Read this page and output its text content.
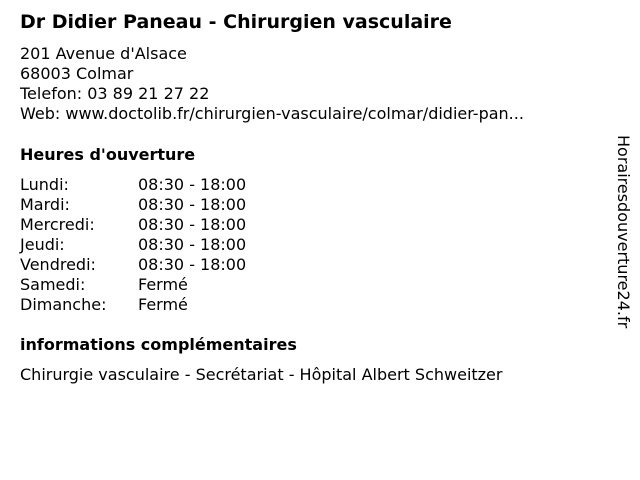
Dr Didier Paneau - Chirurgien vasculaire
201 Avenue d'Alsace
68003 Colmar
Telefon: 03 89 21 27 22
Web: www.doctolib.fr/chirurgien-vasculaire/colmar/didier-pan...
Heures d'ouverture
Lundi:	08:30 - 18:00
Mardi:	08:30 - 18:00
Mercredi:	08:30 - 18:00
Jeudi:	08:30 - 18:00
Vendredi:	08:30 - 18:00
Samedi:	Fermé
Dimanche: Fermé
informations complémentaires
Chirurgie vasculaire - Secrétariat - Hôpital Albert Schweitzer
Horairesdouverture24.fr
